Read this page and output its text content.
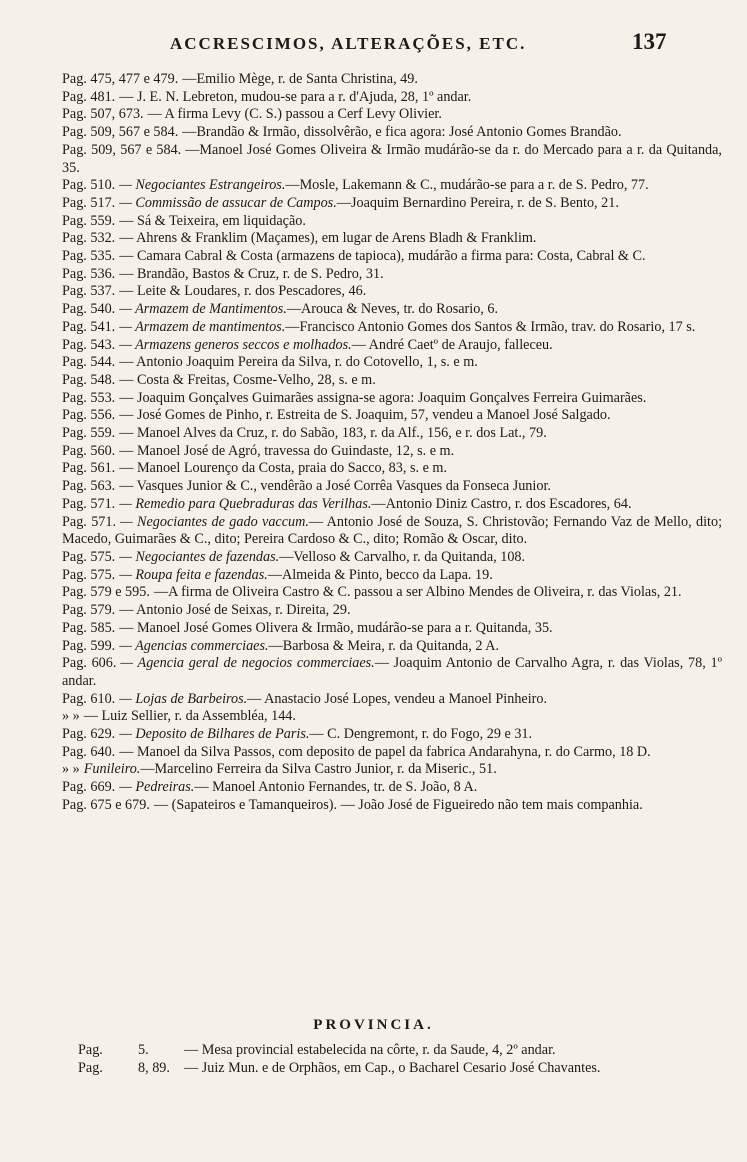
ACCRESCIMOS, ALTERAÇÕES, ETC.	137

Pag. 475, 477 e 479. —Emilio Mège, r. de Santa Christina, 49.

Pag. 481. — J. E. N. Lebreton, mudou-se para a r. d'Ajuda, 28, 1º andar.

Pag. 507, 673. — A firma Levy (C. S.) passou a Cerf Levy Olivier.

Pag. 509, 567 e 584. —Brandão & Irmão, dissolvêrão, e fica agora: José Antonio Gomes Brandão.

Pag. 509, 567 e 584. —Manoel José Gomes Oliveira & Irmão mudárão-se da r. do Mercado para a r. da Quitanda, 35.

Pag. 510. — Negociantes Estrangeiros.—Mosle, Lakemann & C., mudárão-se para a r. de S. Pedro, 77.

Pag. 517. — Commissão de assucar de Campos.—Joaquim Bernardino Pereira, r. de S. Bento, 21.

Pag. 559. — Sá & Teixeira, em liquidação.

Pag. 532. — Ahrens & Franklim (Maçames), em lugar de Arens Bladh & Franklim.

Pag. 535. — Camara Cabral & Costa (armazens de tapioca), mudárão a firma para: Costa, Cabral & C.

Pag. 536. — Brandão, Bastos & Cruz, r. de S. Pedro, 31.

Pag. 537. — Leite & Loudares, r. dos Pescadores, 46.

Pag. 540. — Armazem de Mantimentos.—Arouca & Neves, tr. do Rosario, 6.

Pag. 541. — Armazem de mantimentos.—Francisco Antonio Gomes dos Santos & Irmão, trav. do Rosario, 17 s.

Pag. 543. — Armazens generos seccos e molhados.— André Caetº de Araujo, falleceu.

Pag. 544. — Antonio Joaquim Pereira da Silva, r. do Cotovello, 1, s. e m.

Pag. 548. — Costa & Freitas, Cosme-Velho, 28, s. e m.

Pag. 553. — Joaquim Gonçalves Guimarães assigna-se agora: Joaquim Gonçalves Ferreira Guimarães.

Pag. 556. — José Gomes de Pinho, r. Estreita de S. Joaquim, 57, vendeu a Manoel José Salgado.

Pag. 559. — Manoel Alves da Cruz, r. do Sabão, 183, r. da Alf., 156, e r. dos Lat., 79.

Pag. 560. — Manoel José de Agró, travessa do Guindaste, 12, s. e m.

Pag. 561. — Manoel Lourenço da Costa, praia do Sacco, 83, s. e m.

Pag. 563. — Vasques Junior & C., vendêrão a José Corrêa Vasques da Fonseca Junior.

Pag. 571. — Remedio para Quebraduras das Verilhas.—Antonio Diniz Castro, r. dos Escadores, 64.

Pag. 571. — Negociantes de gado vaccum.— Antonio José de Souza, S. Christovão; Fernando Vaz de Mello, dito; Macedo, Guimarães & C., dito; Pereira Cardoso & C., dito; Romão & Oscar, dito.

Pag. 575. — Negociantes de fazendas.—Velloso & Carvalho, r. da Quitanda, 108.

Pag. 575. — Roupa feita e fazendas.—Almeida & Pinto, becco da Lapa. 19.

Pag. 579 e 595. —A firma de Oliveira Castro & C. passou a ser Albino Mendes de Oliveira, r. das Violas, 21.

Pag. 579. — Antonio José de Seixas, r. Direita, 29.

Pag. 585. — Manoel José Gomes Olivera & Irmão, mudárão-se para a r. Quitanda, 35.

Pag. 599. — Agencias commerciaes.—Barbosa & Meira, r. da Quitanda, 2 A.

Pag. 606. — Agencia geral de negocios commerciaes.— Joaquim Antonio de Carvalho Agra, r. das Violas, 78, 1º andar.

Pag. 610. — Lojas de Barbeiros.— Anastacio José Lopes, vendeu a Manoel Pinheiro.

» » — Luiz Sellier, r. da Assembléa, 144.

Pag. 629. — Deposito de Bilhares de Paris.— C. Dengremont, r. do Fogo, 29 e 31.

Pag. 640. — Manoel da Silva Passos, com deposito de papel da fabrica Andarahyna, r. do Carmo, 18 D.

» » Funileiro.—Marcelino Ferreira da Silva Castro Junior, r. da Miseric., 51.

Pag. 669. — Pedreiras.— Manoel Antonio Fernandes, tr. de S. João, 8 A.

Pag. 675 e 679. — (Sapateiros e Tamanqueiros). — João José de Figueiredo não tem mais companhia.

PROVINCIA.

Pag. 5. — Mesa provincial estabelecida na côrte, r. da Saude, 4, 2º andar.

Pag. 8, 89. — Juiz Mun. e de Orphãos, em Cap., o Bacharel Cesario José Chavantes.
